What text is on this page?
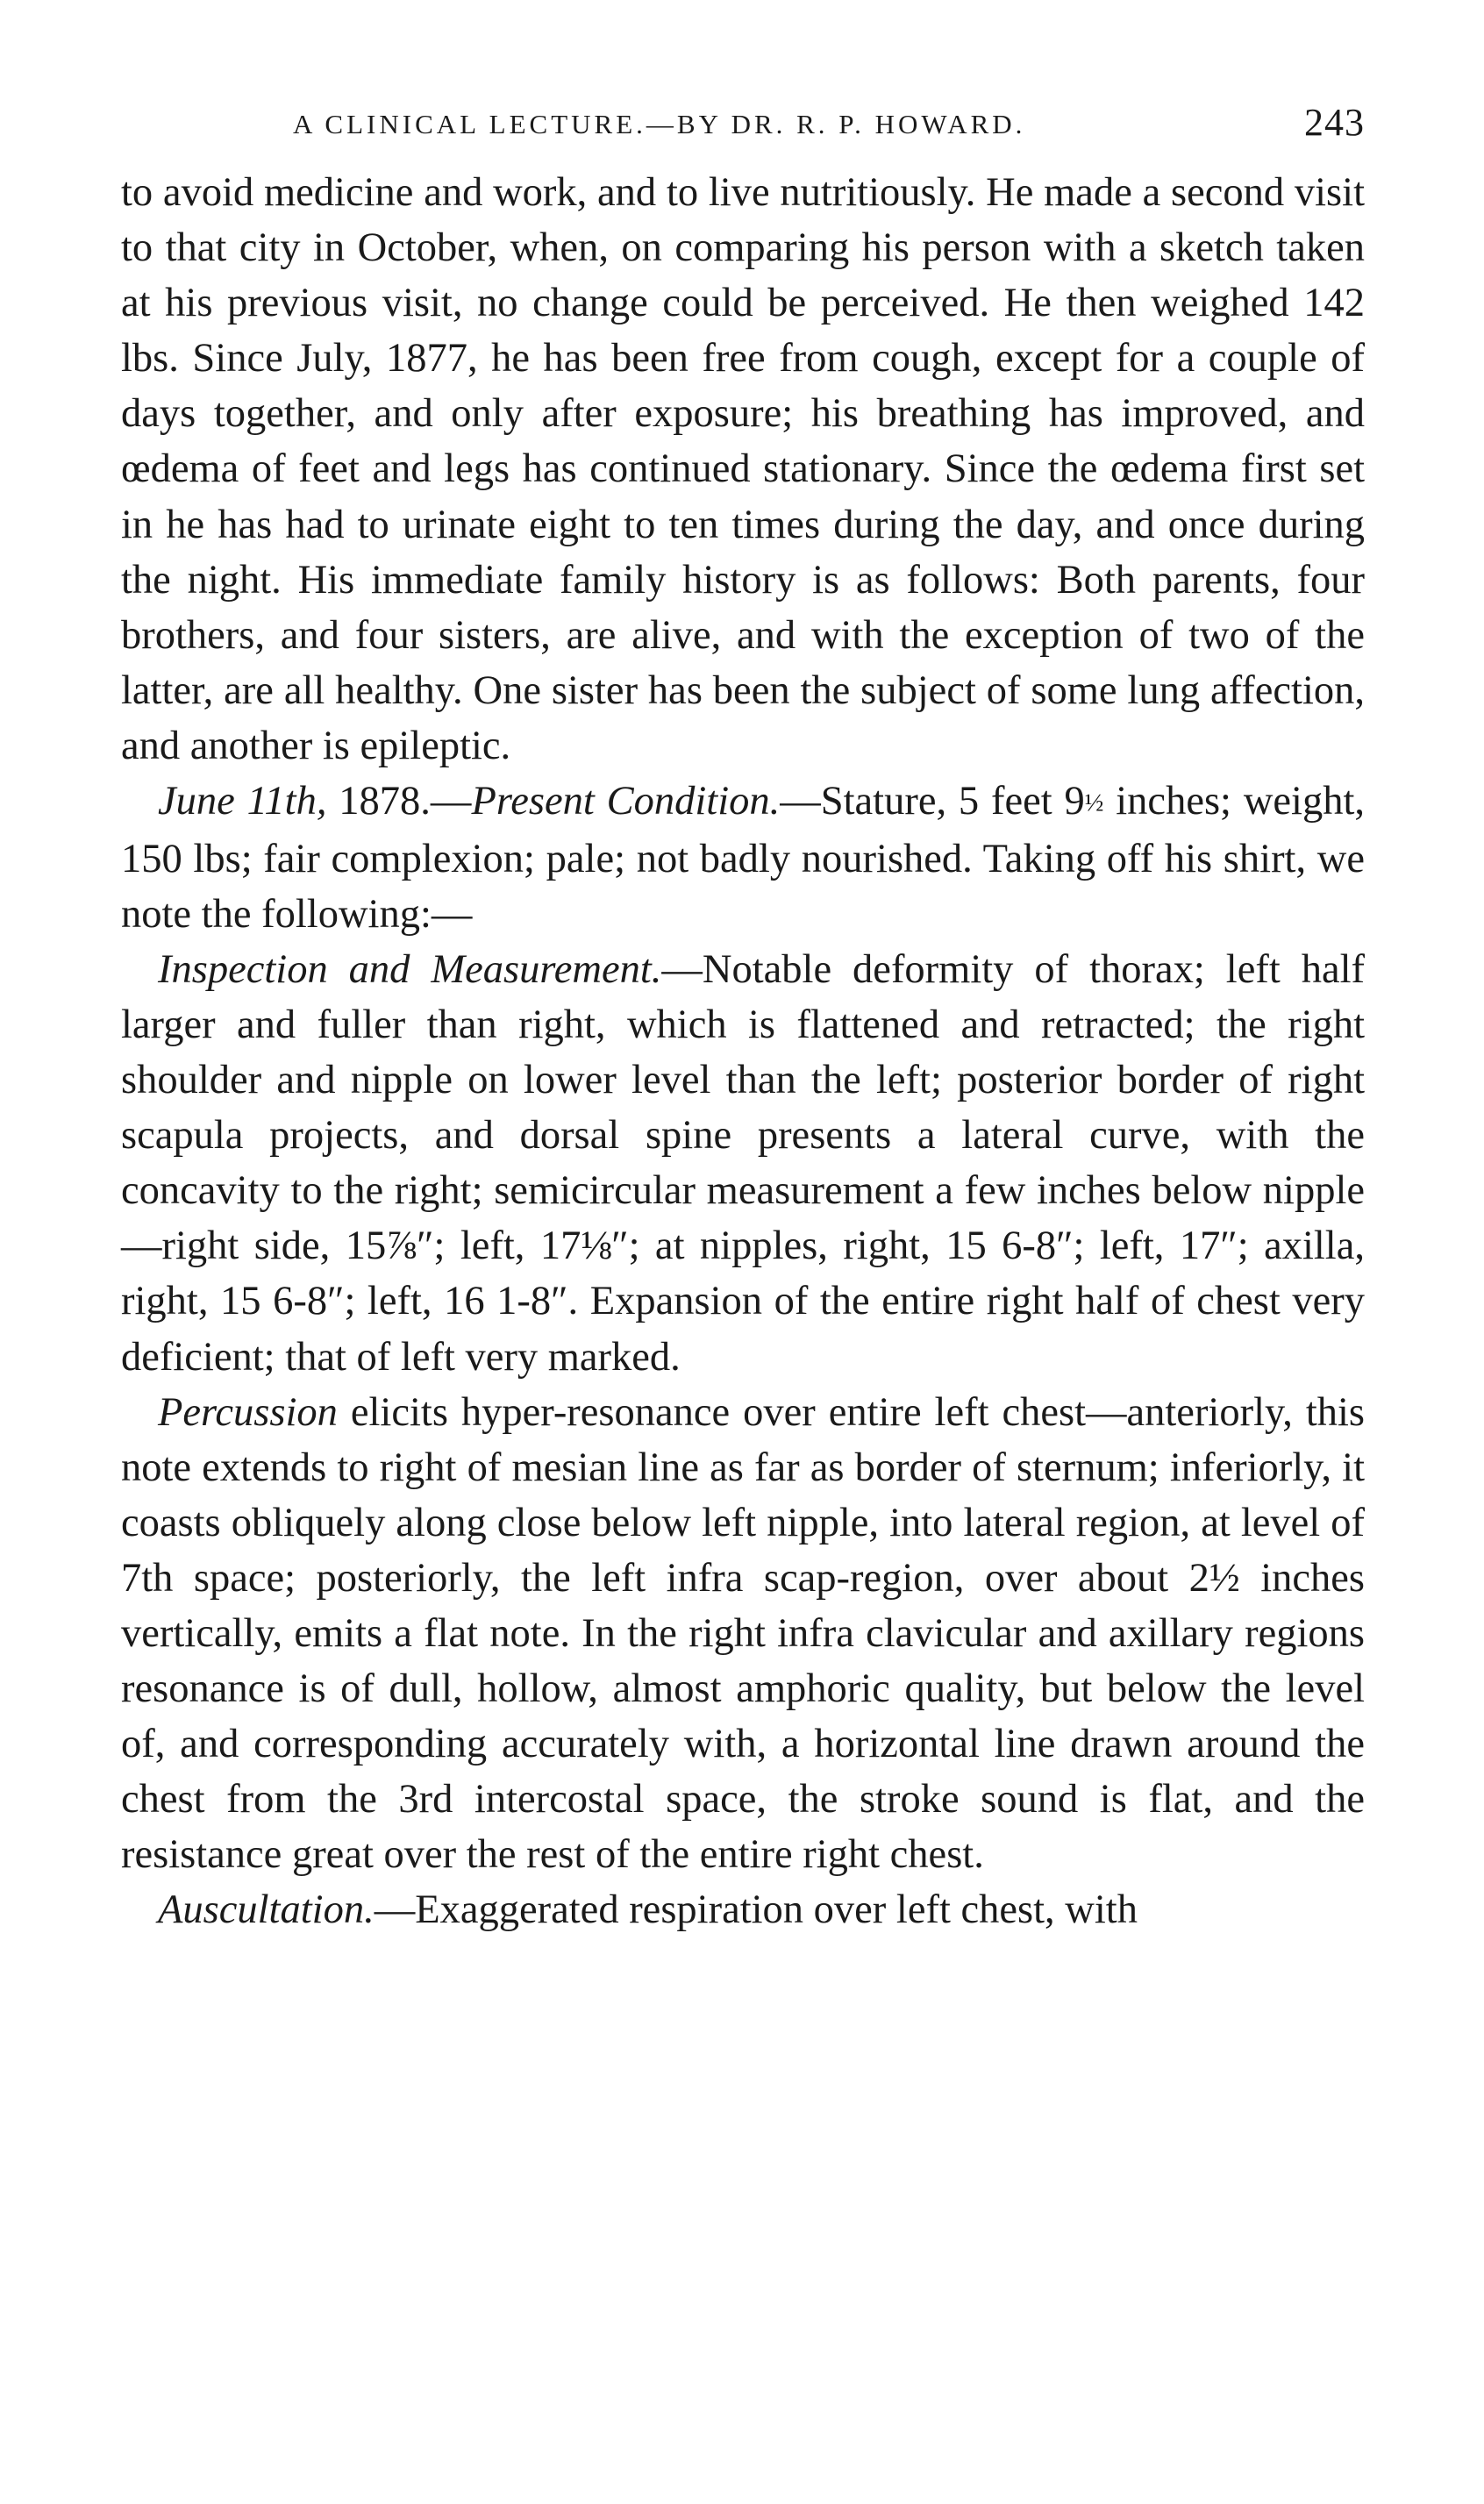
A CLINICAL LECTURE.—BY DR. R. P. HOWARD.	243

to avoid medicine and work, and to live nutritiously. He made a second visit to that city in October, when, on comparing his person with a sketch taken at his previous visit, no change could be perceived. He then weighed 142 lbs. Since July, 1877, he has been free from cough, except for a couple of days together, and only after exposure; his breathing has improved, and œdema of feet and legs has continued stationary. Since the œdema first set in he has had to urinate eight to ten times during the day, and once during the night. His immediate family history is as follows: Both parents, four brothers, and four sisters, are alive, and with the exception of two of the latter, are all healthy. One sister has been the subject of some lung affection, and another is epileptic.

June 11th, 1878.—Present Condition.—Stature, 5 feet 9½ inches; weight, 150 lbs; fair complexion; pale; not badly nourished. Taking off his shirt, we note the following:—

Inspection and Measurement.—Notable deformity of thorax; left half larger and fuller than right, which is flattened and retracted; the right shoulder and nipple on lower level than the left; posterior border of right scapula projects, and dorsal spine presents a lateral curve, with the concavity to the right; semicircular measurement a few inches below nipple—right side, 15⅞″; left, 17⅛″; at nipples, right, 15 6-8″; left, 17″; axilla, right, 15 6-8″; left, 16 1-8″. Expansion of the entire right half of chest very deficient; that of left very marked.

Percussion elicits hyper-resonance over entire left chest—anteriorly, this note extends to right of mesian line as far as border of sternum; inferiorly, it coasts obliquely along close below left nipple, into lateral region, at level of 7th space; posteriorly, the left infra scap-region, over about 2½ inches vertically, emits a flat note. In the right infra clavicular and axillary regions resonance is of dull, hollow, almost amphoric quality, but below the level of, and corresponding accurately with, a horizontal line drawn around the chest from the 3rd intercostal space, the stroke sound is flat, and the resistance great over the rest of the entire right chest.

Auscultation.—Exaggerated respiration over left chest, with
